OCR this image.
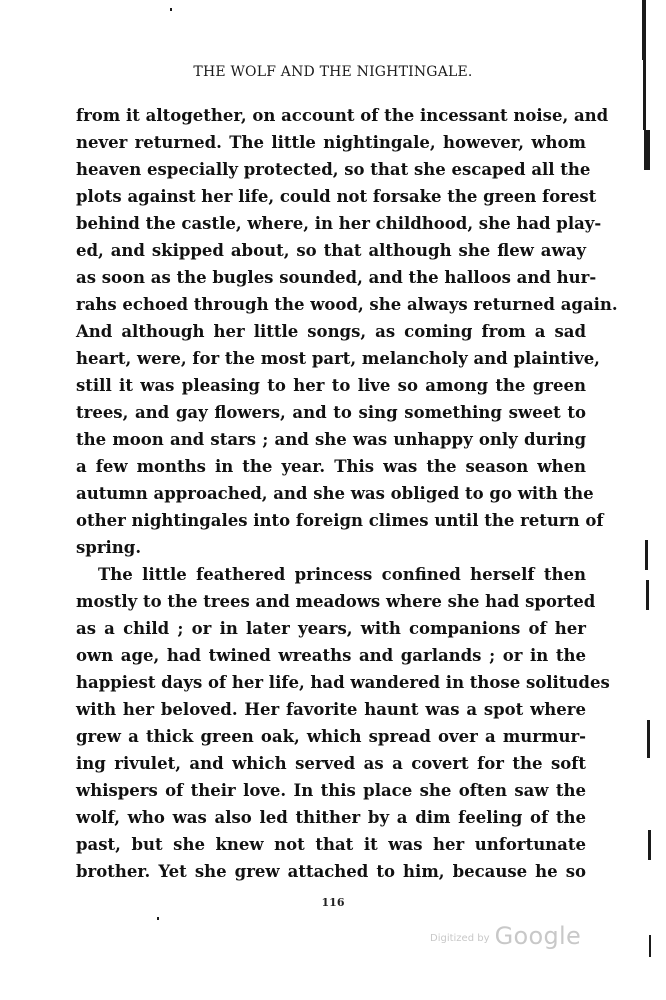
THE WOLF AND THE NIGHTINGALE.
from it altogether, on account of the incessant noise, and
never returned. The little nightingale, however, whom
heaven especially protected, so that she escaped all the
plots against her life, could not forsake the green forest
behind the castle, where, in her childhood, she had play-
ed, and skipped about, so that although she flew away
as soon as the bugles sounded, and the halloos and hur-
rahs echoed through the wood, she always returned again.
And although her little songs, as coming from a sad
heart, were, for the most part, melancholy and plaintive,
still it was pleasing to her to live so among the green
trees, and gay flowers, and to sing something sweet to
the moon and stars ; and she was unhappy only during
a few months in the year. This was the season when
autumn approached, and she was obliged to go with the
other nightingales into foreign climes until the return of
spring.
The little feathered princess confined herself then
mostly to the trees and meadows where she had sported
as a child ; or in later years, with companions of her
own age, had twined wreaths and garlands ; or in the
happiest days of her life, had wandered in those solitudes
with her beloved. Her favorite haunt was a spot where
grew a thick green oak, which spread over a murmur-
ing rivulet, and which served as a covert for the soft
whispers of their love. In this place she often saw the
wolf, who was also led thither by a dim feeling of the
past, but she knew not that it was her unfortunate
brother. Yet she grew attached to him, because he so
116
Digitized by Google
